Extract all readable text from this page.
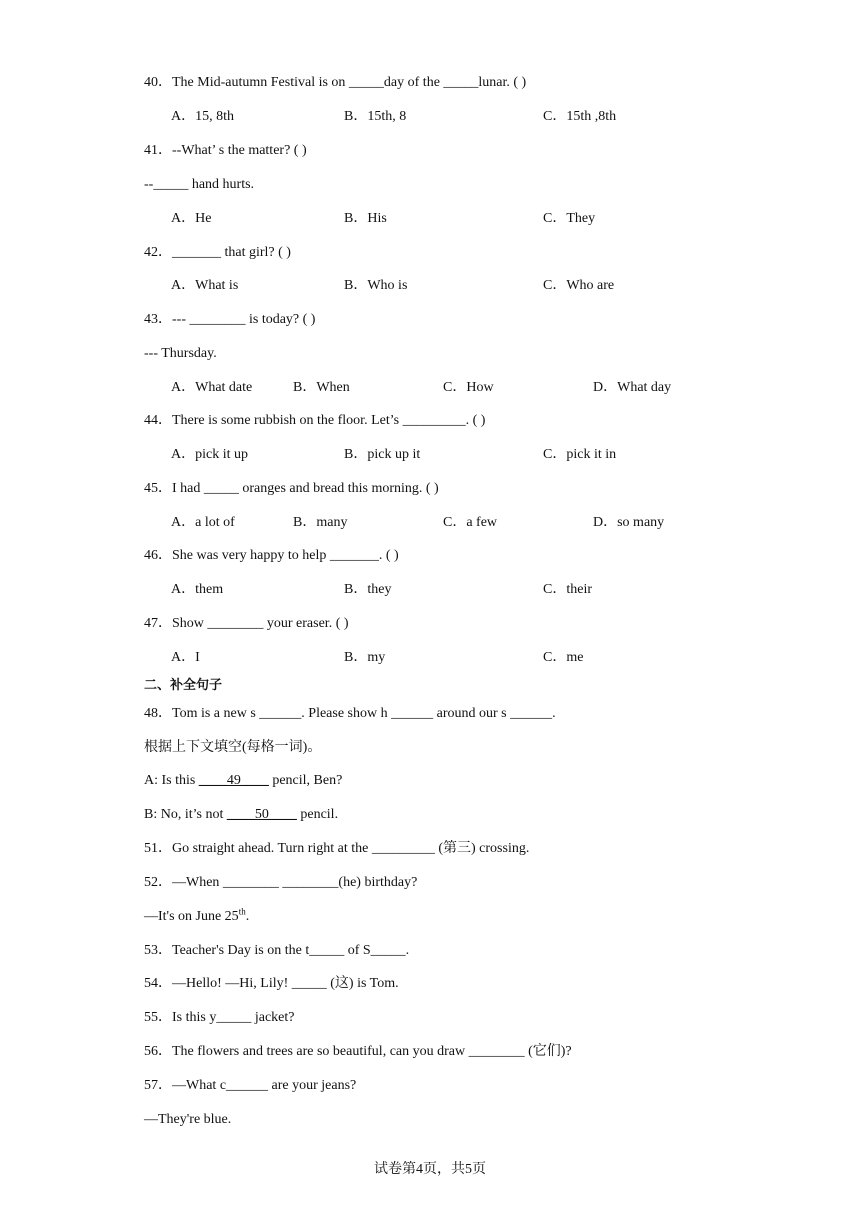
40．The Mid-autumn Festival is on _____day of the _____lunar. ( )
A．15, 8th	B．15th, 8	C．15th ,8th
41．--What’ s the matter? ( )
--_____ hand hurts.
A．He	B．His	C．They
42．_______ that girl? ( )
A．What is	B．Who is	C．Who are
43．--- ________ is today? ( )
--- Thursday.
A．What date	B．When	C．How	D．What day
44．There is some rubbish on the floor. Let’s _________. ( )
A．pick it up	B．pick up it	C．pick it in
45．I had _____ oranges and bread this morning. ( )
A．a lot of	B．many	C．a few	D．so many
46．She was very happy to help _______. ( )
A．them	B．they	C．their
47．Show ________ your eraser. ( )
A．I	B．my	C．me
二、补全句子
48．Tom is a new s ______. Please show h ______ around our s ______.
根据上下文填空(每格一词)。
A: Is this ____49____ pencil, Ben?
B: No, it’s not ____50____ pencil.
51．Go straight ahead. Turn right at the _________ (第三) crossing.
52．—When ________ ________(he) birthday?
—It's on June 25th.
53．Teacher's Day is on the t_____ of S_____.
54．—Hello! —Hi, Lily! _____ (这) is Tom.
55．Is this y_____ jacket?
56．The flowers and trees are so beautiful, can you draw ________ (它们)?
57．—What c______ are your jeans?
—They're blue.
试卷第4页，共5页
